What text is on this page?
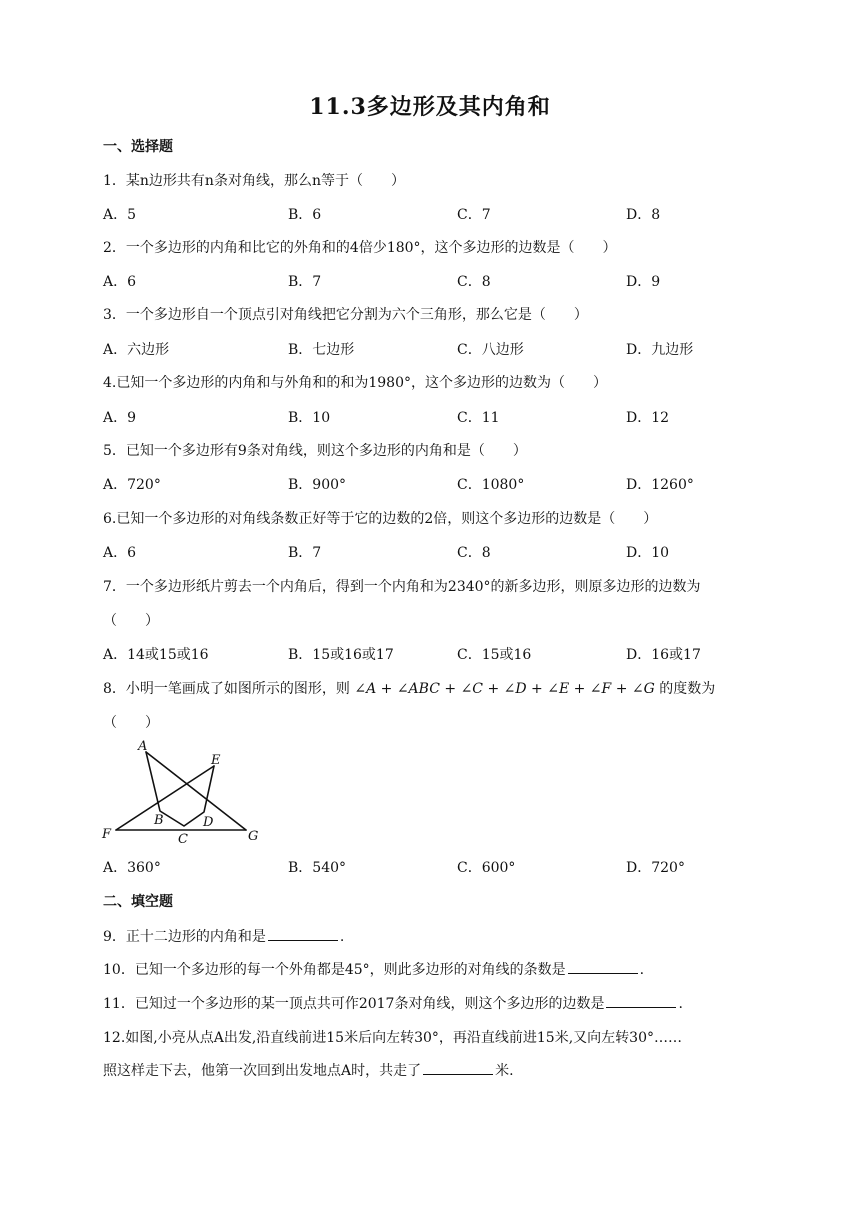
11.3多边形及其内角和
一、选择题
1．某n边形共有n条对角线，那么n等于（　　）
A．5	B．6	C．7	D．8
2．一个多边形的内角和比它的外角和的4倍少180°，这个多边形的边数是（　　）
A．6	B．7	C．8	D．9
3．一个多边形自一个顶点引对角线把它分割为六个三角形，那么它是（　　）
A．六边形	B．七边形	C．八边形	D．九边形
4.已知一个多边形的内角和与外角和的和为1980°，这个多边形的边数为（　　）
A．9	B．10	C．11	D．12
5．已知一个多边形有9条对角线，则这个多边形的内角和是（　　）
A．720°	B．900°	C．1080°	D．1260°
6.已知一个多边形的对角线条数正好等于它的边数的2倍，则这个多边形的边数是（　　）
A．6	B．7	C．8	D．10
7．一个多边形纸片剪去一个内角后，得到一个内角和为2340°的新多边形，则原多边形的边数为
（　　）
A．14或15或16	B．15或16或17	C．15或16	D．16或17
8．小明一笔画成了如图所示的图形，则 ∠A + ∠ABC + ∠C + ∠D + ∠E + ∠F + ∠G 的度数为
（　　）
A
B
C
D
E
F	G
A．360°	B．540°	C．600°	D．720°
二、填空题
9．正十二边形的内角和是	.
10．已知一个多边形的每一个外角都是45°，则此多边形的对角线的条数是	.
11．已知过一个多边形的某一顶点共可作2017条对角线，则这个多边形的边数是	.
12.如图,小亮从点A出发,沿直线前进15米后向左转30°，再沿直线前进15米,又向左转30°……
照这样走下去，他第一次回到出发地点A时，共走了	米.
